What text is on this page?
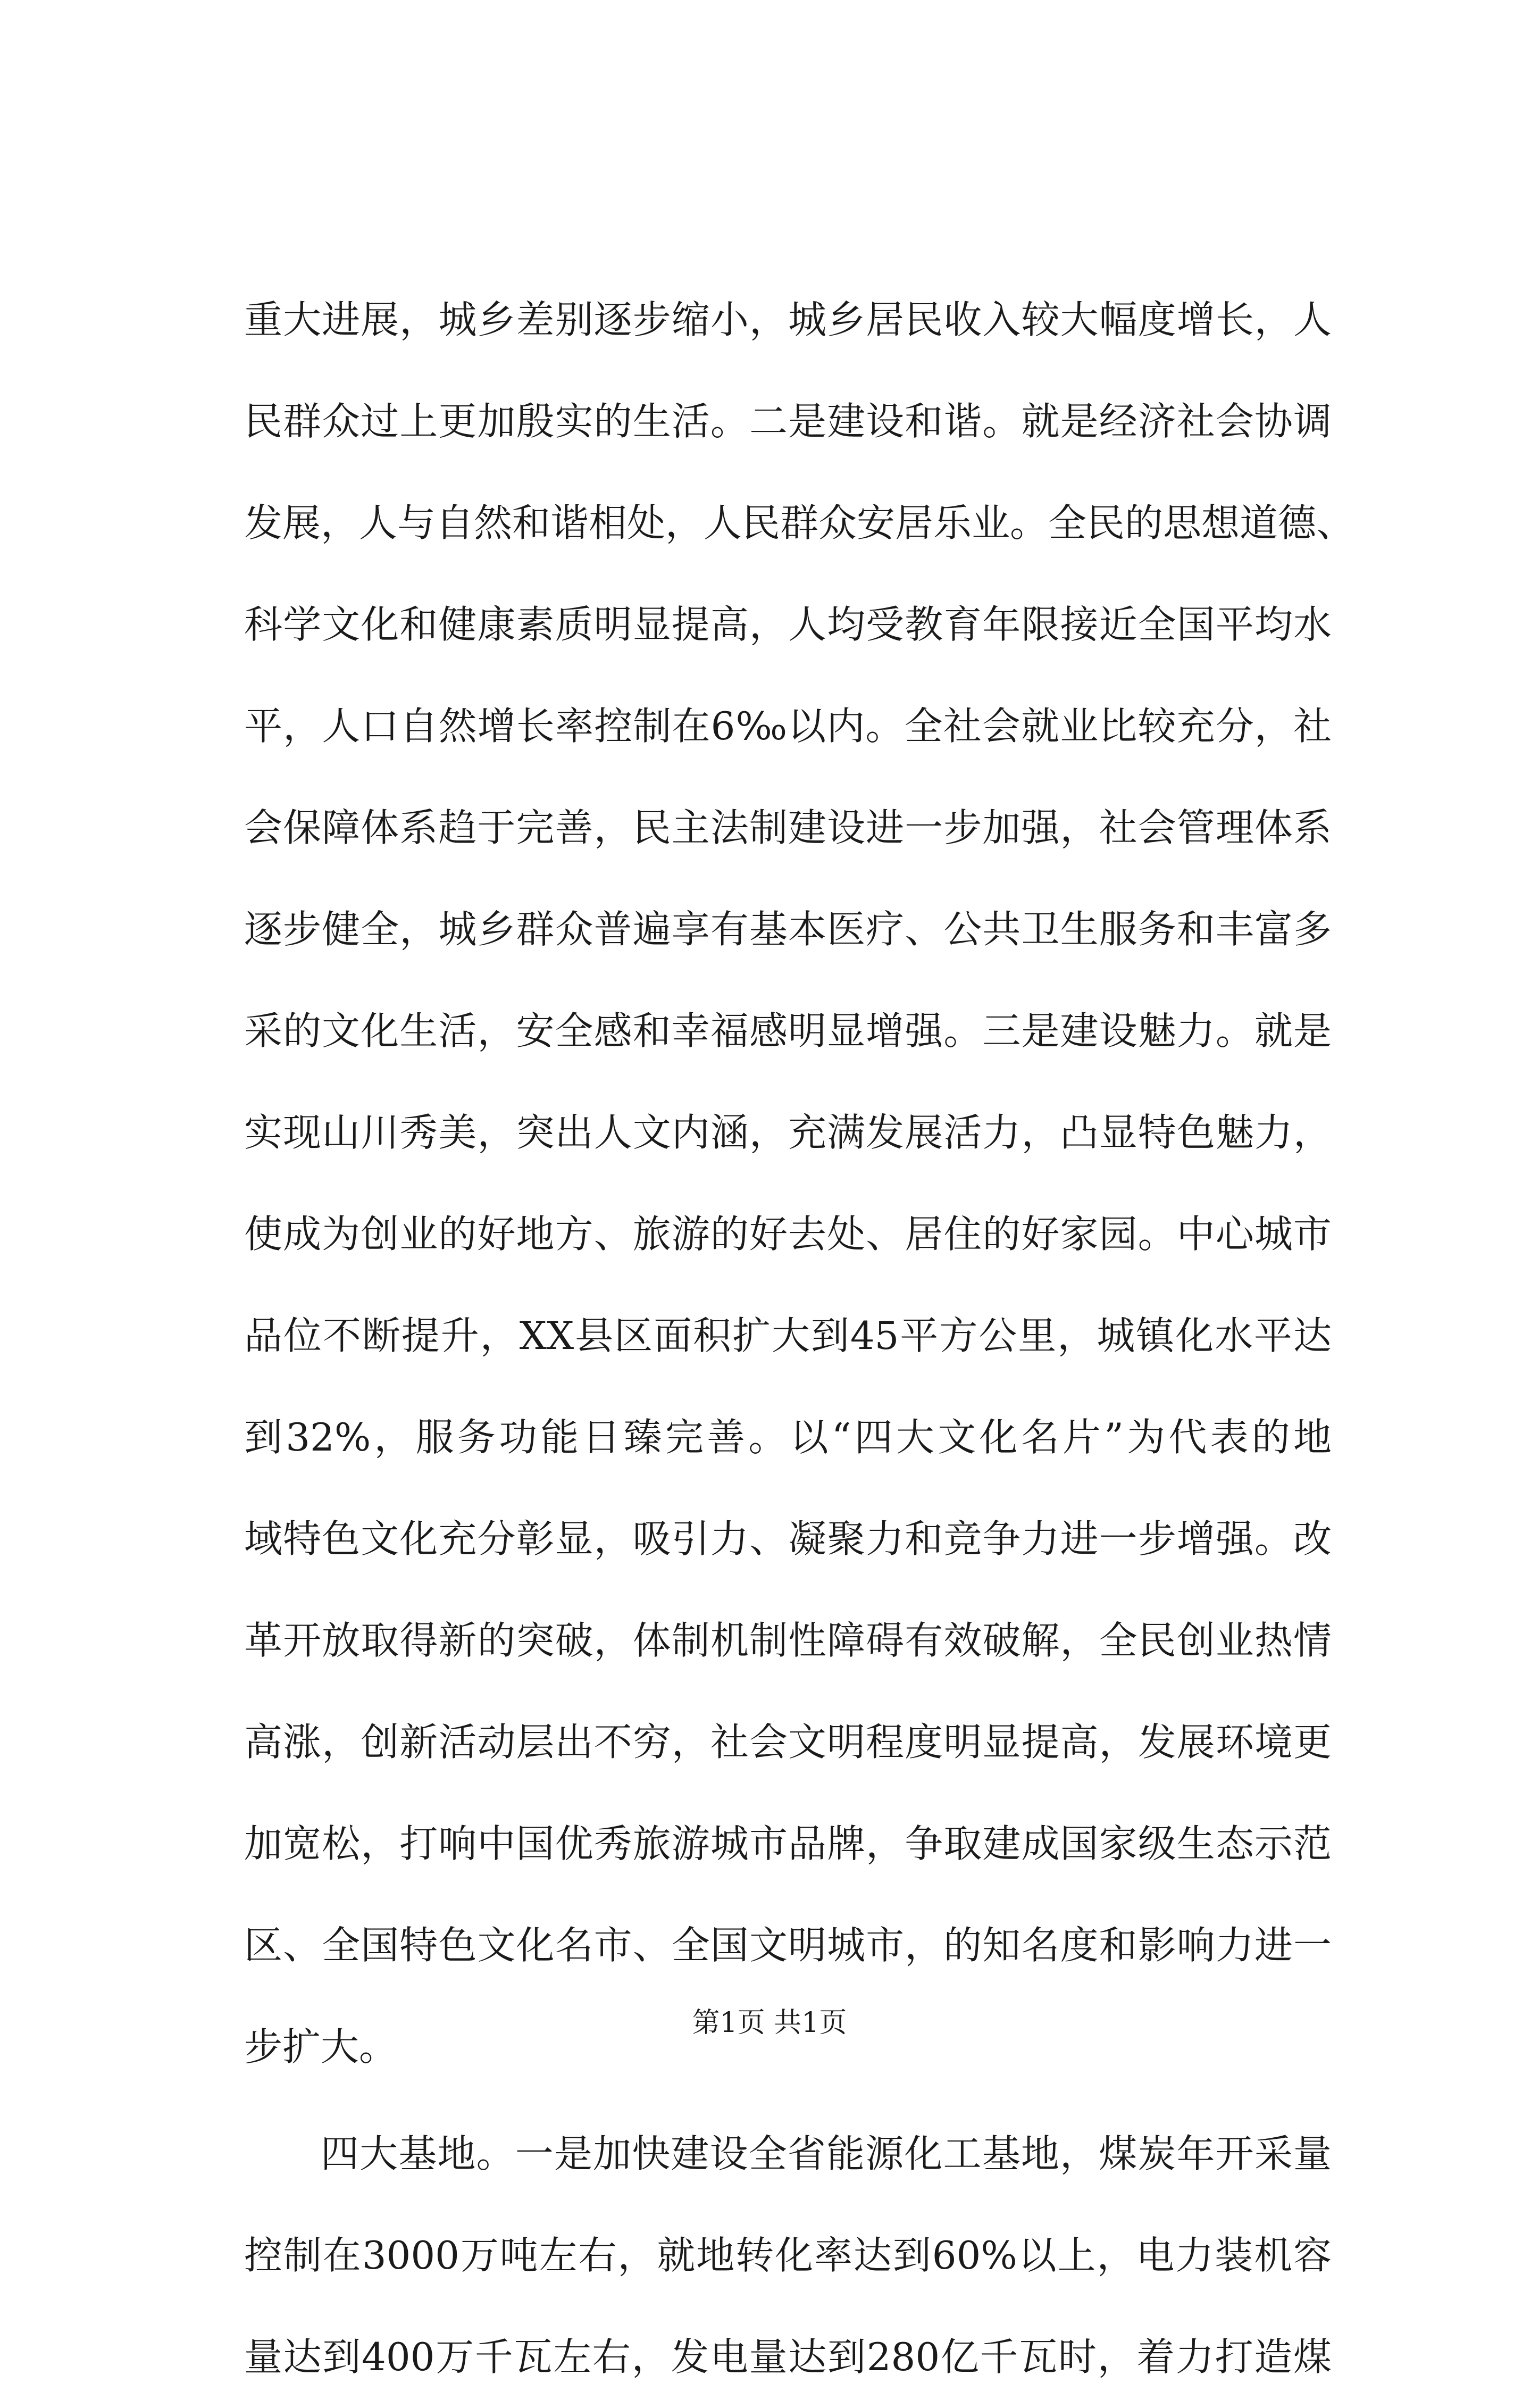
重大进展，城乡差别逐步缩小，城乡居民收入较大幅度增长，人
民群众过上更加殷实的生活。二是建设和谐。就是经济社会协调
发展，人与自然和谐相处，人民群众安居乐业。全民的思想道德、
科学文化和健康素质明显提高，人均受教育年限接近全国平均水
平，人口自然增长率控制在6‰以内。全社会就业比较充分，社
会保障体系趋于完善，民主法制建设进一步加强，社会管理体系
逐步健全，城乡群众普遍享有基本医疗、公共卫生服务和丰富多
采的文化生活，安全感和幸福感明显增强。三是建设魅力。就是
实现山川秀美，突出人文内涵，充满发展活力，凸显特色魅力，
使成为创业的好地方、旅游的好去处、居住的好家园。中心城市
品位不断提升，XX县区面积扩大到45平方公里，城镇化水平达
到32%，服务功能日臻完善。以“四大文化名片”为代表的地
域特色文化充分彰显，吸引力、凝聚力和竞争力进一步增强。改
革开放取得新的突破，体制机制性障碍有效破解，全民创业热情
高涨，创新活动层出不穷，社会文明程度明显提高，发展环境更
加宽松，打响中国优秀旅游城市品牌，争取建成国家级生态示范
区、全国特色文化名市、全国文明城市，的知名度和影响力进一
步扩大。
四大基地。一是加快建设全省能源化工基地，煤炭年开采量
控制在3000万吨左右，就地转化率达到60%以上，电力装机容
量达到400万千瓦左右，发电量达到280亿千瓦时，着力打造煤
第1页 共1页
